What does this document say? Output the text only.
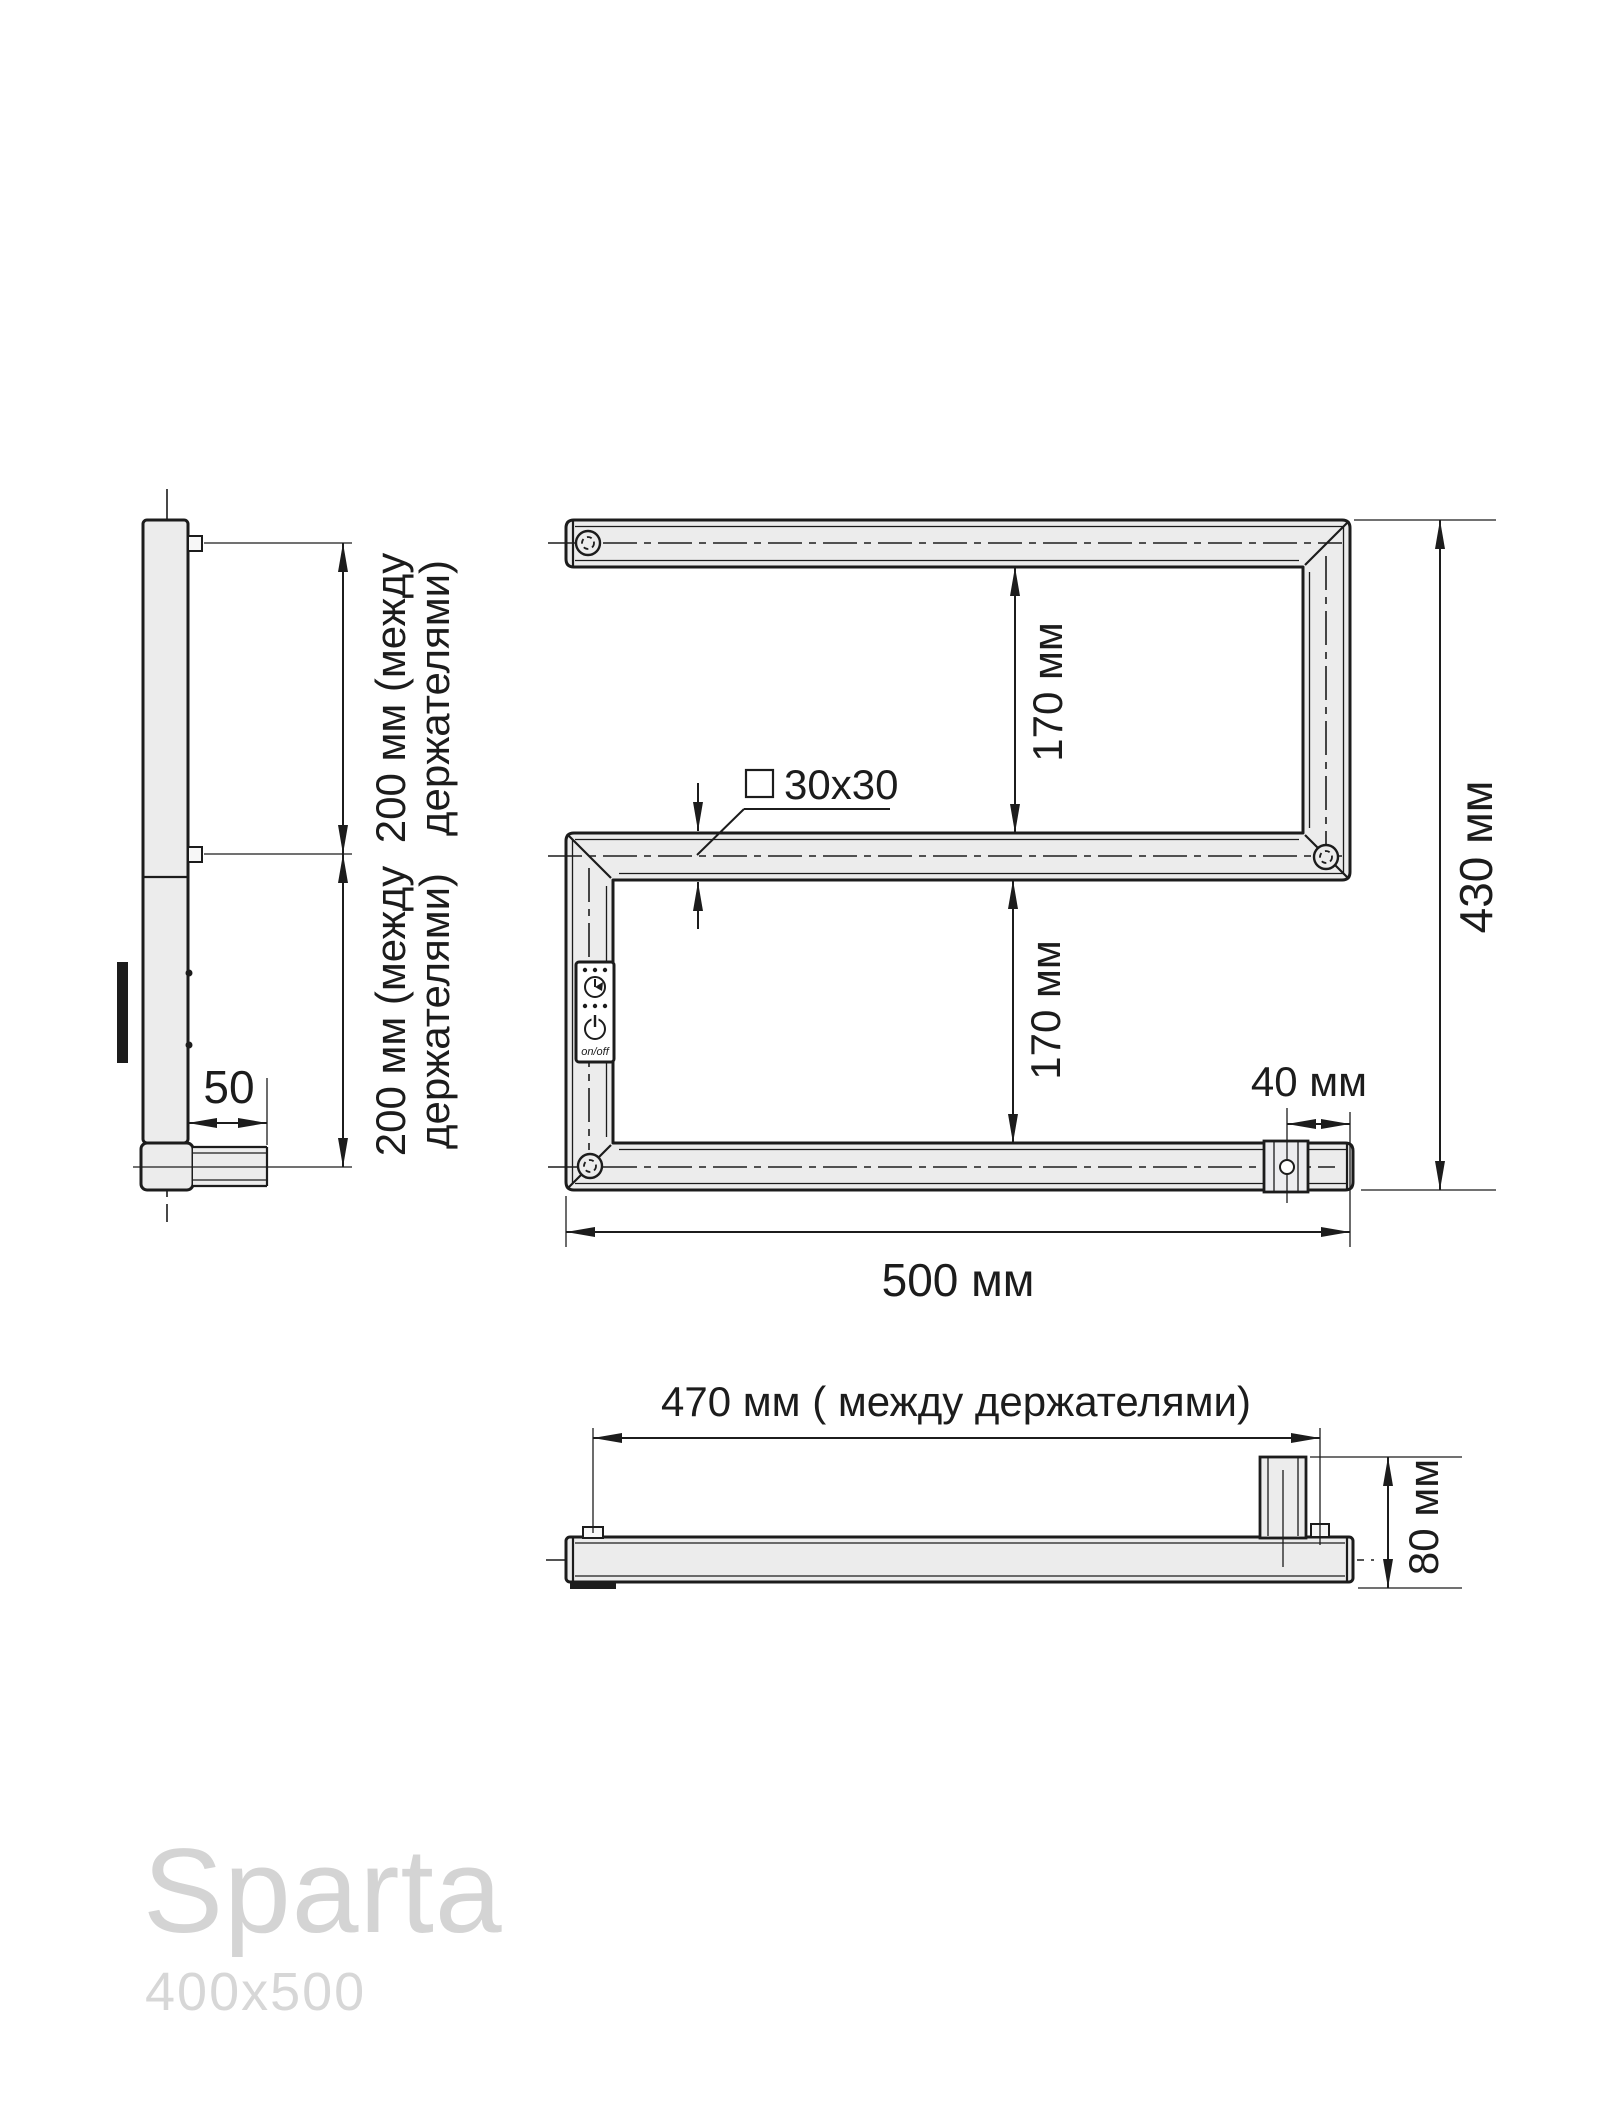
200 мм (между
держателями)
200 мм (между
держателями)
50
on/off
170 мм
170 мм
430 мм
500 мм
40 мм
30x30
470 мм ( между держателями)
80 мм
Sparta
400x500
